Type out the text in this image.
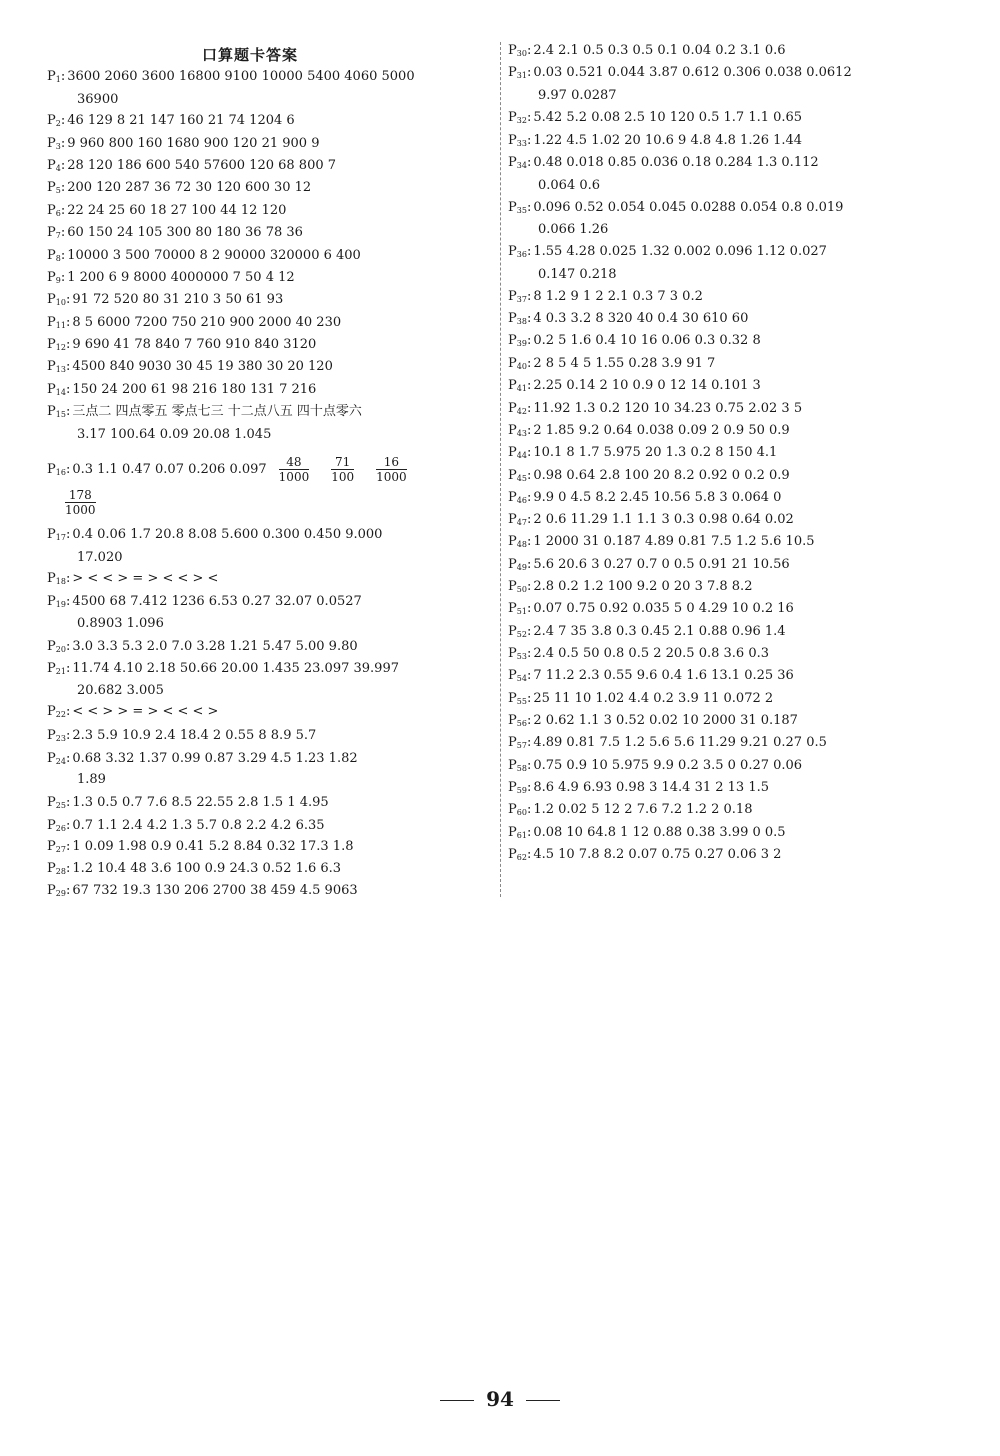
口算题卡答案
$P_1$: 3600 2060 3600 16800 9100 10000 5400 4060 5000
36900
$P_2$: 46 129 8 21 147 160 21 74 1204 6
$P_3$: 9 960 800 160 1680 900 120 21 900 9
$P_4$: 28 120 186 600 540 57600 120 68 800 7
$P_5$: 200 120 287 36 72 30 120 600 30 12
$P_6$: 22 24 25 60 18 27 100 44 12 120
$P_7$: 60 150 24 105 300 80 180 36 78 36
$P_8$: 10000 3 500 70000 8 2 90000 320000 6 400
$P_9$: 1 200 6 9 8000 4000000 7 50 4 12
$P_{10}$: 91 72 520 80 31 210 3 50 61 93
$P_{11}$: 8 5 6000 7200 750 210 900 2000 40 230
$P_{12}$: 9 690 41 78 840 7 760 910 840 3120
$P_{13}$: 4500 840 9030 30 45 19 380 30 20 120
$P_{14}$: 150 24 200 61 98 216 180 131 7 216
$P_{15}$: 三点二 四点零五 零点七三 十二点八五 四十点零六
3.17 100.64 0.09 20.08 1.045
$P_{16}$: 0.3 1.1 0.47 0.07 0.206 $0.097 \frac{48}{1000} \frac{71}{100} \frac{16}{1000}$
$P_{17}$: 0.4 0.06 1.7 20.8 8.08 5.600 0.300 0.450 9.000
17.020
$P_{18}$: > < < > = > < < > <
$P_{19}$: 4500 68 7.412 1236 6.53 0.27 32.07 0.0527
0.8903 1.096
$P_{20}$: 3.0 3.3 5.3 2.0 7.0 3.28 1.21 5.47 5.00 9.80
$P_{21}$: 11.74 4.10 2.18 50.66 20.00 1.435 23.097 39.997
20.682 3.005
$P_{22}$: < < > > = > < < < >
$P_{23}$: 2.3 5.9 10.9 2.4 18.4 2 0.55 8 8.9 5.7
$P_{24}$: 0.68 3.32 1.37 0.99 0.87 3.29 4.5 1.23 1.82
1.89
$P_{25}$: 1.3 0.5 0.7 7.6 8.5 22.55 2.8 1.5 1 4.95
$P_{26}$: 0.7 1.1 2.4 4.2 1.3 5.7 0.8 2.2 4.2 6.35
$P_{27}$: 1 0.09 1.98 0.9 0.41 5.2 8.84 0.32 17.3 1.8
$P_{28}$: 1.2 10.4 48 3.6 100 0.9 24.3 0.52 1.6 6.3
$P_{29}$: 67 732 19.3 130 206 2700 38 459 4.5 9063
$\frac{178}{1000}$
$P_{30}$: 2.4 2.1 0.5 0.3 0.5 0.1 0.04 0.2 3.1 0.6
$P_{31}$: 0.03 0.521 0.044 3.87 0.612 0.306 0.038 0.0612
9.97 0.0287
$P_{32}$: 5.42 5.2 0.08 2.5 10 120 0.5 1.7 1.1 0.65
$P_{33}$: 1.22 4.5 1.02 20 10.6 9 4.8 4.8 1.26 1.44
$P_{34}$: 0.48 0.018 0.85 0.036 0.18 0.284 1.3 0.112
0.064 0.6
$P_{35}$: 0.096 0.52 0.054 0.045 0.0288 0.054 0.8 0.019
0.066 1.26
$P_{36}$: 1.55 4.28 0.025 1.32 0.002 0.096 1.12 0.027
0.147 0.218
$P_{37}$: 8 1.2 9 1 2 2.1 0.3 7 3 0.2
$P_{38}$: 4 0.3 3.2 8 320 40 0.4 30 610 60
$P_{39}$: 0.2 5 1.6 0.4 10 16 0.06 0.3 0.32 8
$P_{40}$: 2 8 5 4 5 1.55 0.28 3.9 91 7
$P_{41}$: 2.25 0.14 2 10 0.9 0 12 14 0.101 3
$P_{42}$: 11.92 1.3 0.2 120 10 34.23 0.75 2.02 3 5
$P_{43}$: 2 1.85 9.2 0.64 0.038 0.09 2 0.9 50 0.9
$P_{44}$: 10.1 8 1.7 5.975 20 1.3 0.2 8 150 4.1
$P_{45}$: 0.98 0.64 2.8 100 20 8.2 0.92 0 0.2 0.9
$P_{46}$: 9.9 0 4.5 8.2 2.45 10.56 5.8 3 0.064 0
$P_{47}$: 2 0.6 11.29 1.1 1.1 3 0.3 0.98 0.64 0.02
$P_{48}$: 1 2000 31 0.187 4.89 0.81 7.5 1.2 5.6 10.5
$P_{49}$: 5.6 20.6 3 0.27 0.7 0 0.5 0.91 21 10.56
$P_{50}$: 2.8 0.2 1.2 100 9.2 0 20 3 7.8 8.2
$P_{51}$: 0.07 0.75 0.92 0.035 5 0 4.29 10 0.2 16
$P_{52}$: 2.4 7 35 3.8 0.3 0.45 2.1 0.88 0.96 1.4
$P_{53}$: 2.4 0.5 50 0.8 0.5 2 20.5 0.8 3.6 0.3
$P_{54}$: 7 11.2 2.3 0.55 9.6 0.4 1.6 13.1 0.25 36
$P_{55}$: 25 11 10 1.02 4.4 0.2 3.9 11 0.072 2
$P_{56}$: 2 0.62 1.1 3 0.52 0.02 10 2000 31 0.187
$P_{57}$: 4.89 0.81 7.5 1.2 5.6 5.6 11.29 9.21 0.27 0.5
$P_{58}$: 0.75 0.9 10 5.975 9.9 0.2 3.5 0 0.27 0.06
$P_{59}$: 8.6 4.9 6.93 0.98 3 14.4 31 2 13 1.5
$P_{60}$: 1.2 0.02 5 12 2 7.6 7.2 1.2 2 0.18
$P_{61}$: 0.08 10 64.8 1 12 0.88 0.38 3.99 0 0.5
$P_{62}$: 4.5 10 7.8 8.2 0.07 0.75 0.27 0.06 3 2
94
